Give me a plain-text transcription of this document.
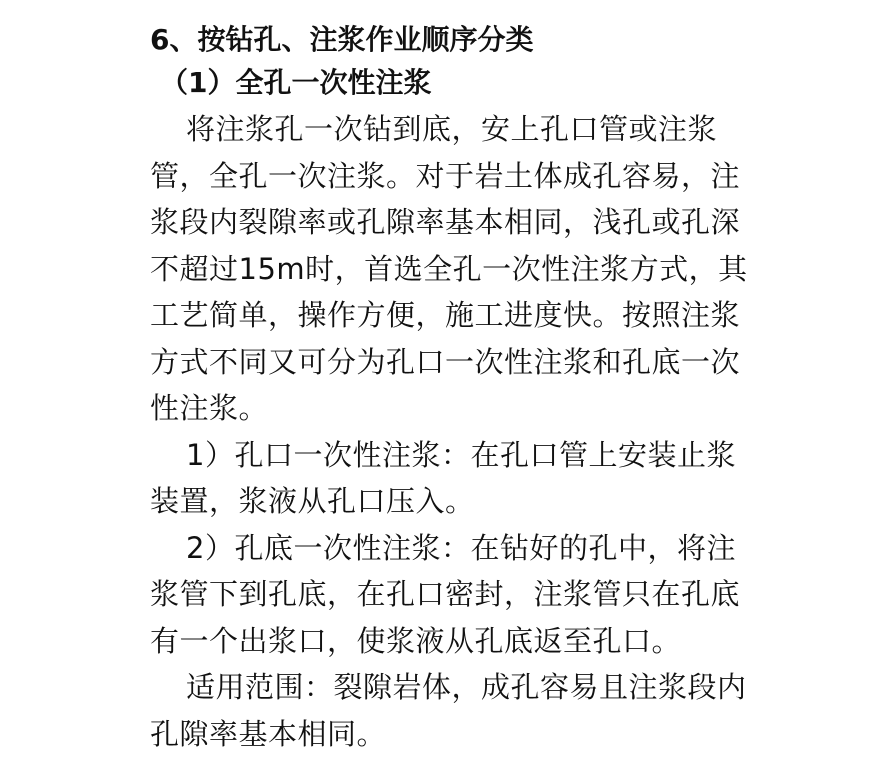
6、按钻孔、注浆作业顺序分类
（1）全孔一次性注浆
将注浆孔一次钻到底，安上孔口管或注浆
管，全孔一次注浆。对于岩土体成孔容易，注
浆段内裂隙率或孔隙率基本相同，浅孔或孔深
不超过15m时，首选全孔一次性注浆方式，其
工艺简单，操作方便，施工进度快。按照注浆
方式不同又可分为孔口一次性注浆和孔底一次
性注浆。
1）孔口一次性注浆：在孔口管上安装止浆
装置，浆液从孔口压入。
2）孔底一次性注浆：在钻好的孔中，将注
浆管下到孔底，在孔口密封，注浆管只在孔底
有一个出浆口，使浆液从孔底返至孔口。
适用范围：裂隙岩体，成孔容易且注浆段内
孔隙率基本相同。
